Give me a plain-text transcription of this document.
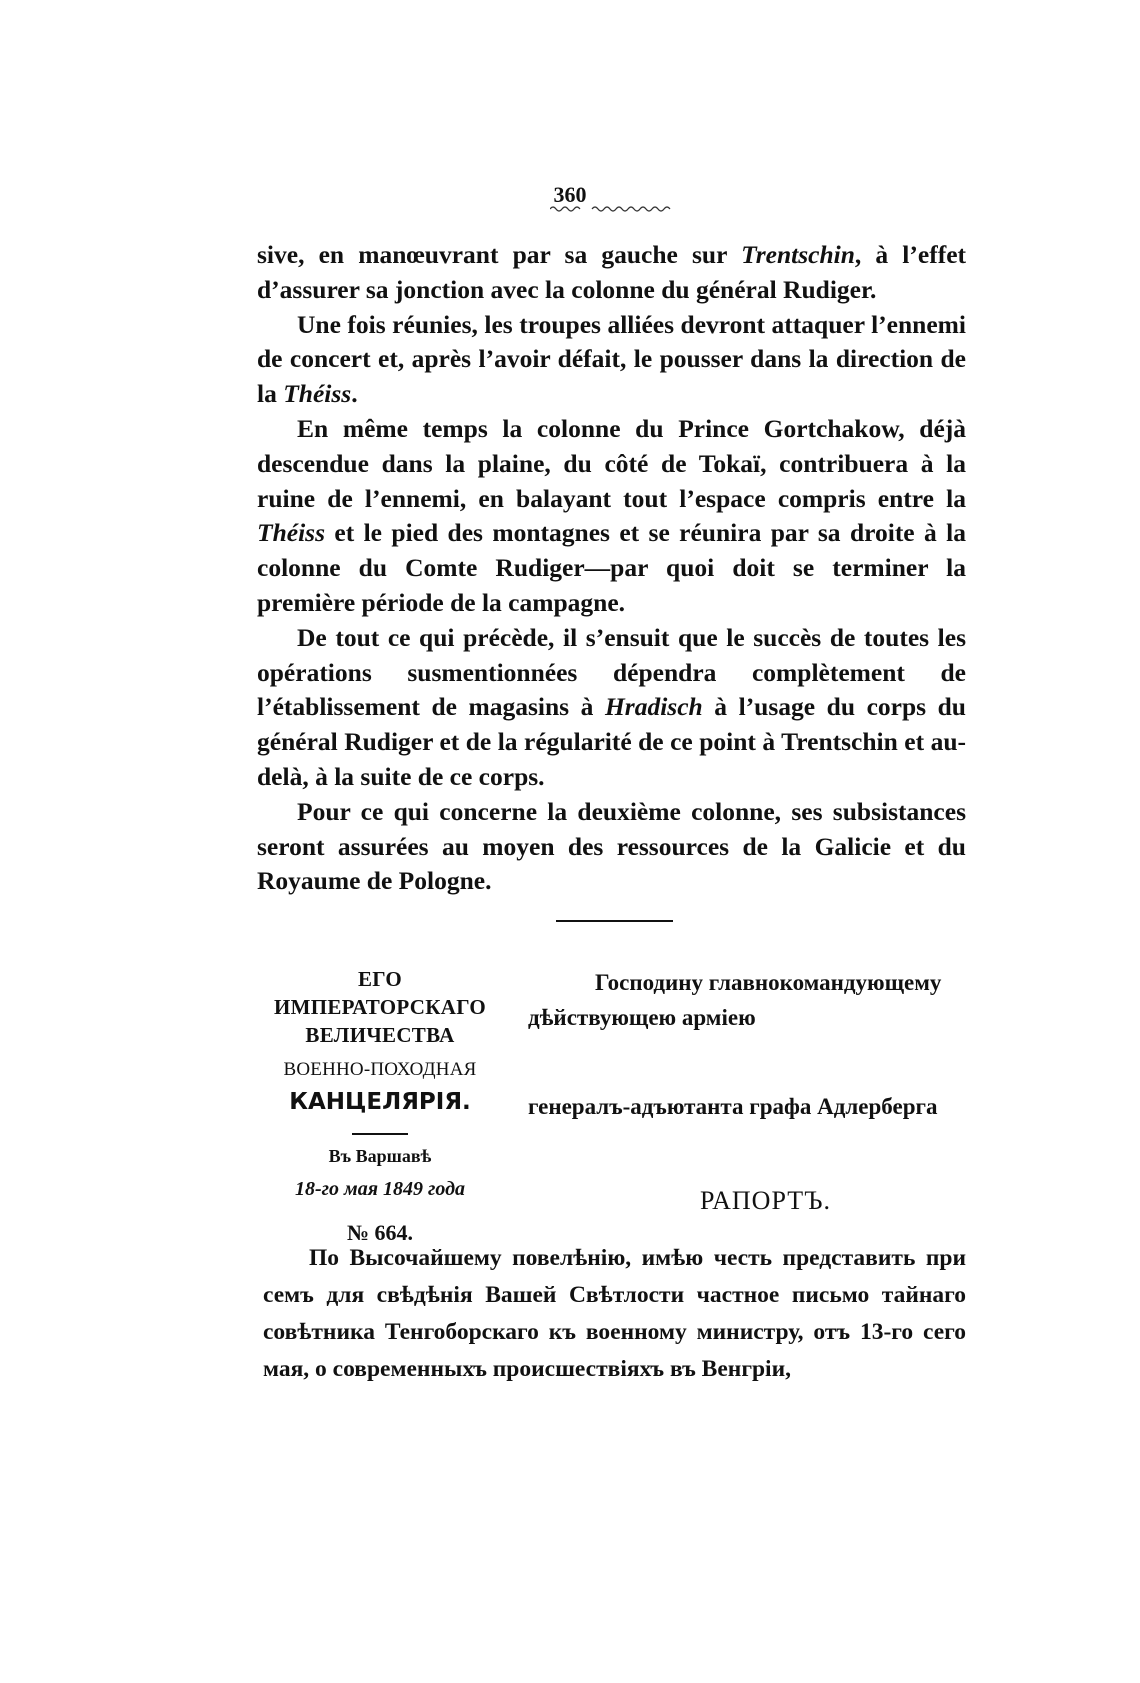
360

sive, en manœuvrant par sa gauche sur Trentschin, à l’effet d’assurer sa jonction avec la colonne du général Rudiger.

Une fois réunies, les troupes alliées devront attaquer l’ennemi de concert et, après l’avoir défait, le pousser dans la direction de la Théiss.

En même temps la colonne du Prince Gortchakow, déjà descendue dans la plaine, du côté de Tokaï, contribuera à la ruine de l’ennemi, en balayant tout l’espace compris entre la Théiss et le pied des montagnes et se réunira par sa droite à la colonne du Comte Rudiger—par quoi doit se terminer la première période de la campagne.

De tout ce qui précède, il s’ensuit que le succès de toutes les opérations susmentionnées dépendra complètement de l’établissement de magasins à Hradisch à l’usage du corps du général Rudiger et de la régularité de ce point à Trentschin et au-delà, à la suite de ce corps.

Pour ce qui concerne la deuxième colonne, ses subsistances seront assurées au moyen des ressources de la Galicie et du Royaume de Pologne.

ЕГО ИМПЕРАТОРСКАГО
ВЕЛИЧЕСТВА
ВОЕННО-ПОХОДНАЯ
КАНЦЕЛЯРІЯ.
Въ Варшавѣ
18-го мая 1849 года
№ 664.
Господину главнокомандующему
дѣйствующею арміею
генералъ-адъютанта графа Адлерберга
РАПОРТЪ.

По Высочайшему повелѣнію, имѣю честь представить при семъ для свѣдѣнія Вашей Свѣтлости частное письмо тайнаго совѣтника Тенгоборскаго къ военному министру, отъ 13-го сего мая, о современныхъ происшествіяхъ въ Венгріи,
